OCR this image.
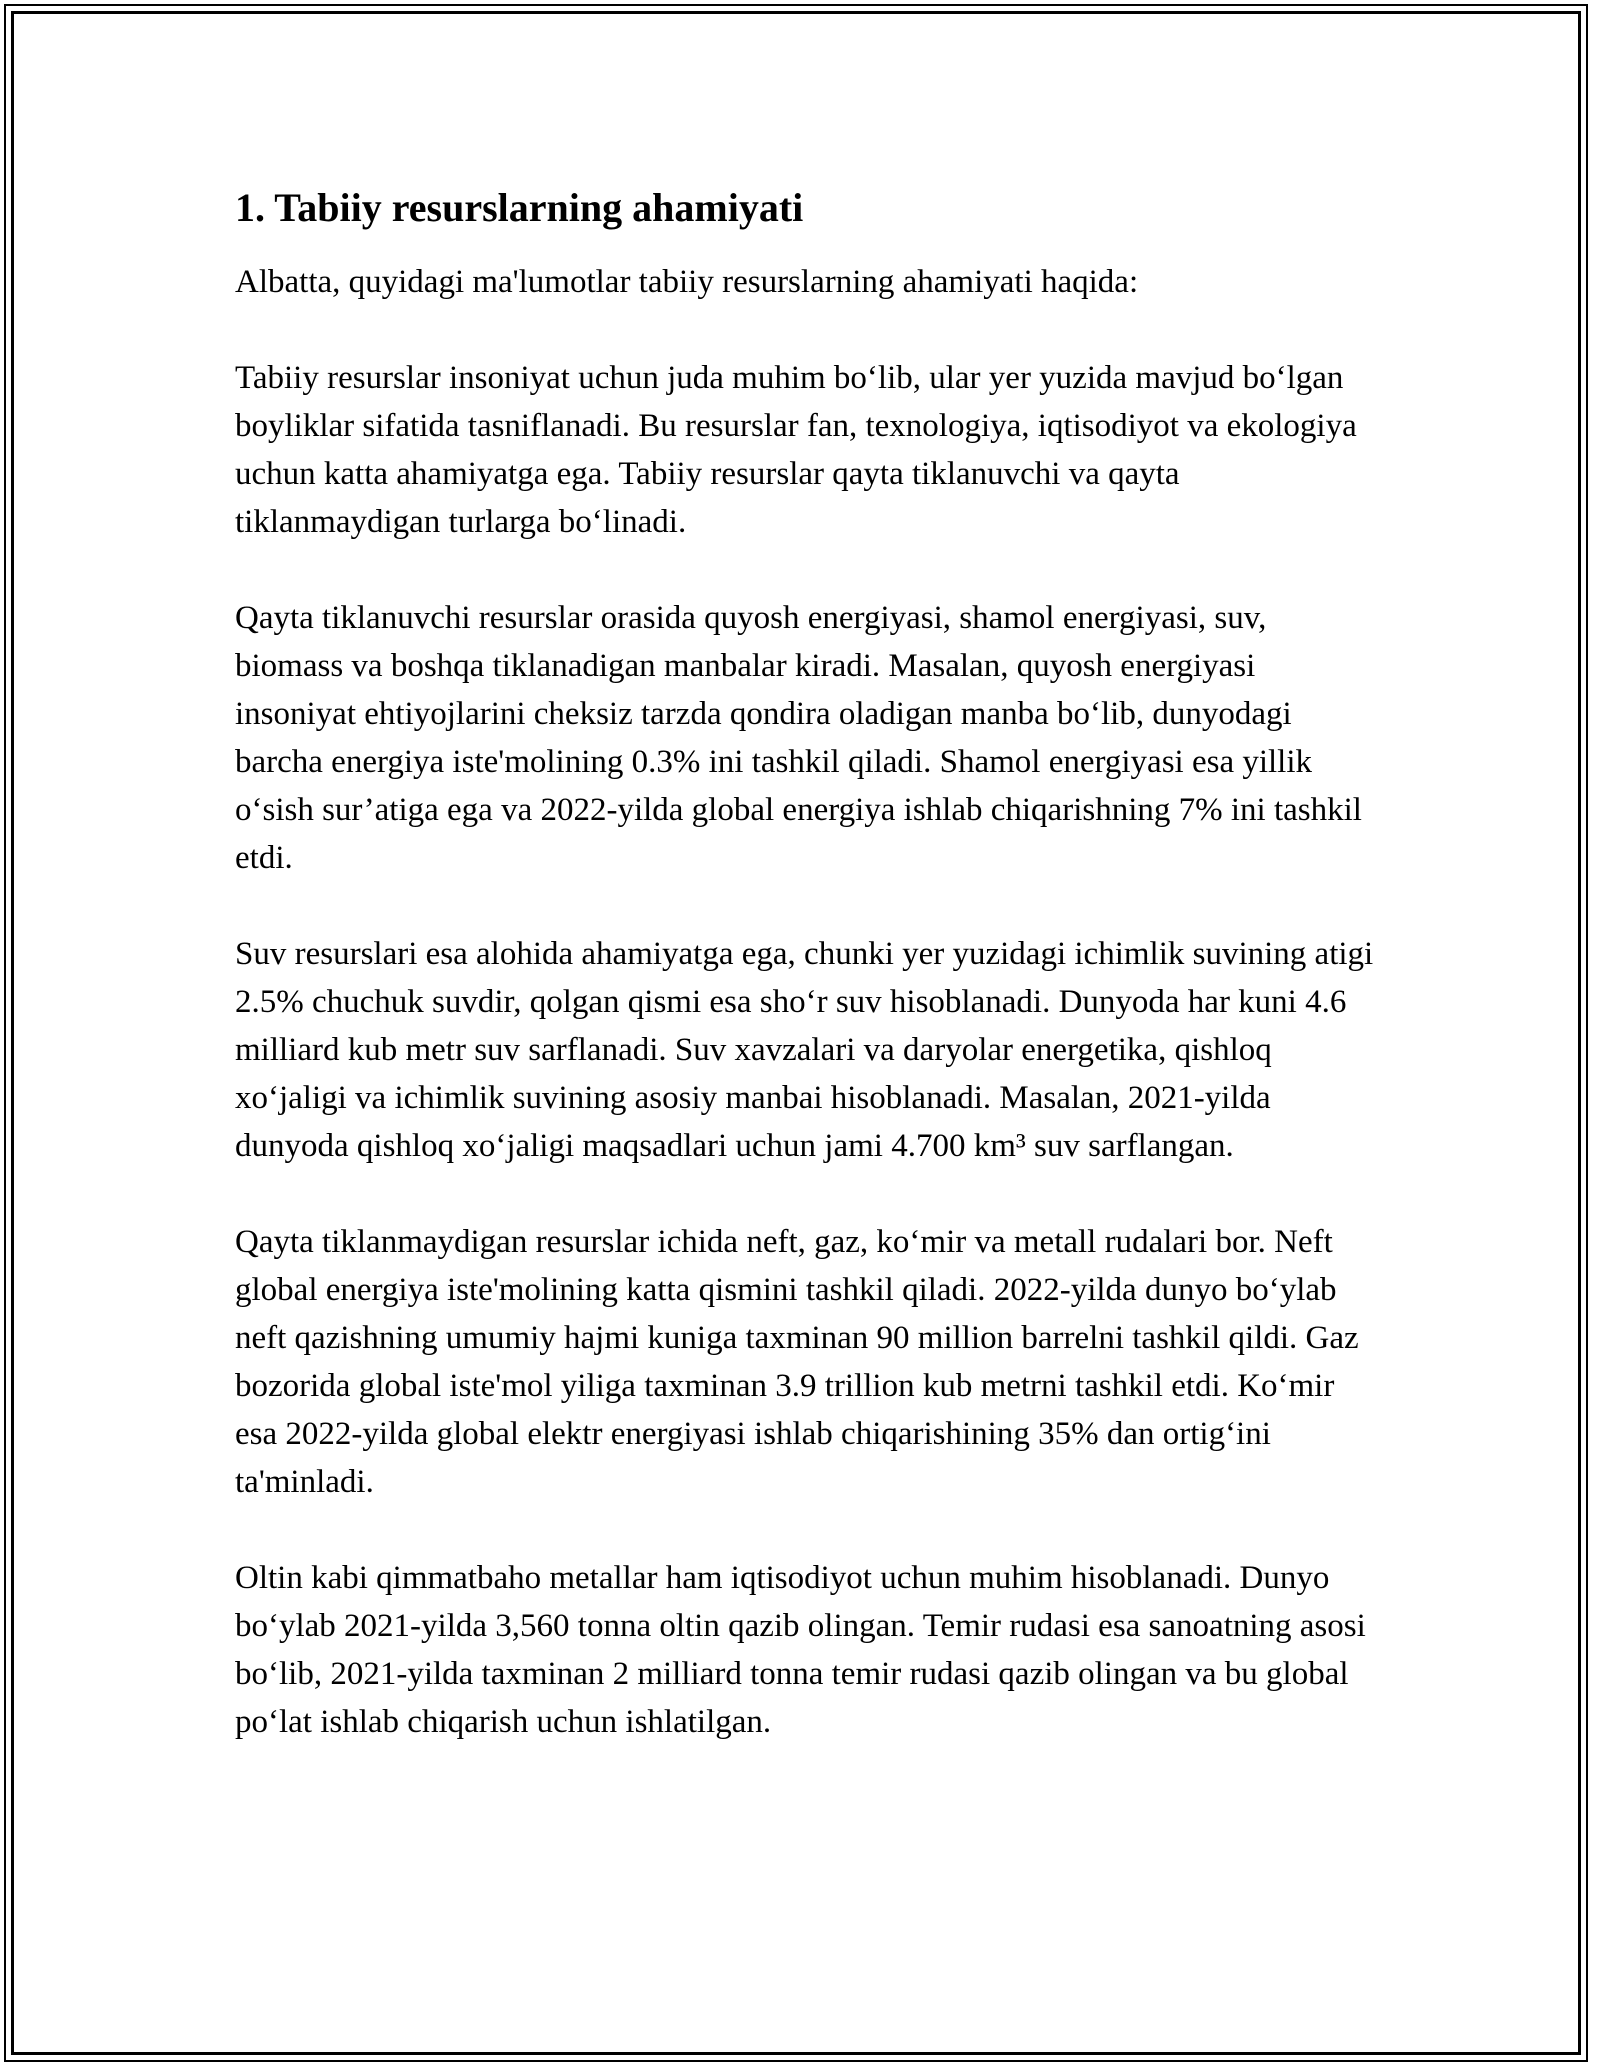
1. Tabiiy resurslarning ahamiyati

Albatta, quyidagi ma'lumotlar tabiiy resurslarning ahamiyati haqida:

Tabiiy resurslar insoniyat uchun juda muhim bo‘lib, ular yer yuzida mavjud bo‘lgan boyliklar sifatida tasniflanadi. Bu resurslar fan, texnologiya, iqtisodiyot va ekologiya uchun katta ahamiyatga ega. Tabiiy resurslar qayta tiklanuvchi va qayta tiklanmaydigan turlarga bo‘linadi.

Qayta tiklanuvchi resurslar orasida quyosh energiyasi, shamol energiyasi, suv, biomass va boshqa tiklanadigan manbalar kiradi. Masalan, quyosh energiyasi insoniyat ehtiyojlarini cheksiz tarzda qondira oladigan manba bo‘lib, dunyodagi barcha energiya iste'molining 0.3% ini tashkil qiladi. Shamol energiyasi esa yillik o‘sish sur’atiga ega va 2022-yilda global energiya ishlab chiqarishning 7% ini tashkil etdi.

Suv resurslari esa alohida ahamiyatga ega, chunki yer yuzidagi ichimlik suvining atigi 2.5% chuchuk suvdir, qolgan qismi esa sho‘r suv hisoblanadi. Dunyoda har kuni 4.6 milliard kub metr suv sarflanadi. Suv xavzalari va daryolar energetika, qishloq xo‘jaligi va ichimlik suvining asosiy manbai hisoblanadi. Masalan, 2021-yilda dunyoda qishloq xo‘jaligi maqsadlari uchun jami 4.700 km³ suv sarflangan.

Qayta tiklanmaydigan resurslar ichida neft, gaz, ko‘mir va metall rudalari bor. Neft global energiya iste'molining katta qismini tashkil qiladi. 2022-yilda dunyo bo‘ylab neft qazishning umumiy hajmi kuniga taxminan 90 million barrelni tashkil qildi. Gaz bozorida global iste'mol yiliga taxminan 3.9 trillion kub metrni tashkil etdi. Ko‘mir esa 2022-yilda global elektr energiyasi ishlab chiqarishining 35% dan ortig‘ini ta'minladi.

Oltin kabi qimmatbaho metallar ham iqtisodiyot uchun muhim hisoblanadi. Dunyo bo‘ylab 2021-yilda 3,560 tonna oltin qazib olingan. Temir rudasi esa sanoatning asosi bo‘lib, 2021-yilda taxminan 2 milliard tonna temir rudasi qazib olingan va bu global po‘lat ishlab chiqarish uchun ishlatilgan.
